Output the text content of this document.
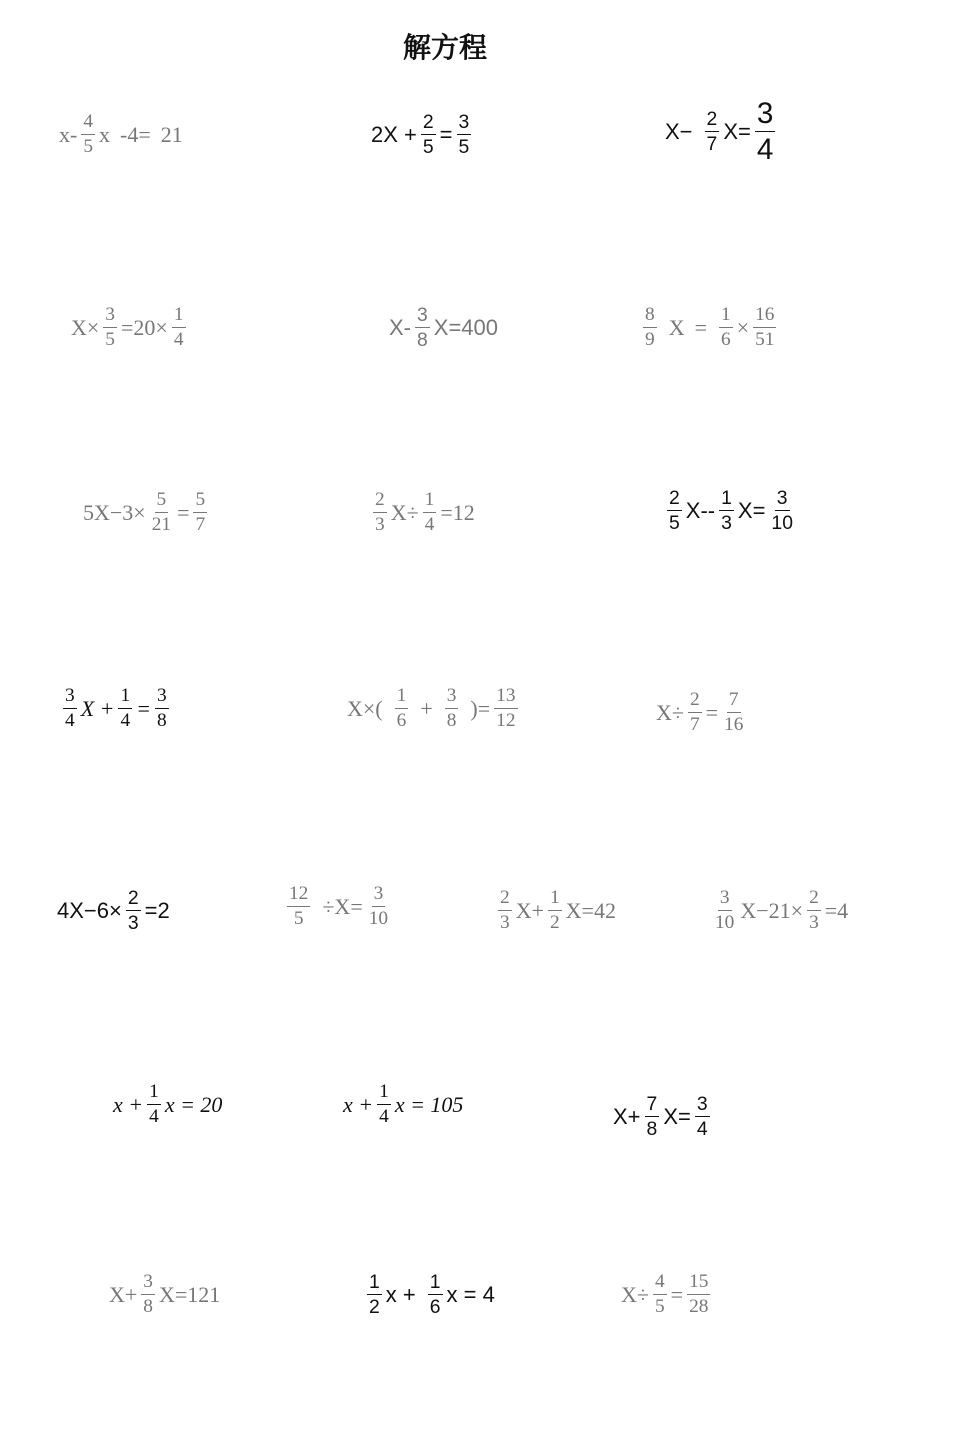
解方程
$x- \frac{4}{5}$ x -4= 21	$2X + \frac{2}{5} = \frac{3}{5}$	$X- \frac{2}{7} X= \frac{3}{4}$
$X\times \frac{3}{5} =20\times \frac{1}{4}$	$X- \frac{3}{8} X=400$	$\frac{8}{9}$ $X = \frac{1}{6} \times \frac{16}{51}$
$5X-3\times \frac{5}{21} = \frac{5}{7}$	$\frac{2}{3} X\div \frac{1}{4} =12$	$\frac{2}{5} X-- \frac{1}{3} X= \frac{3}{10}$
$\frac{3}{4}$ $X + \frac{1}{4} = \frac{3}{8}$	$X\times( \frac{1}{6} + \frac{3}{8}$ )= $\frac{13}{12}$	$X\div \frac{2}{7} = \frac{7}{16}$
$4X-6\times \frac{2}{3} =2$	$\frac{12}{5} \div X= \frac{3}{10}$	$\frac{2}{3} X+ \frac{1}{2} X=42$	$\frac{3}{10} X-21\times \frac{2}{3} =4$
$x + \frac{1}{4}$ x = 20	$x + \frac{1}{4}$ x = 105	$X+ \frac{7}{8} X= \frac{3}{4}$
$X+ \frac{3}{8} X=121$	$\frac{1}{2}$ $x + \frac{1}{6}$ x = 4	$X\div \frac{4}{5} = \frac{15}{28}$
